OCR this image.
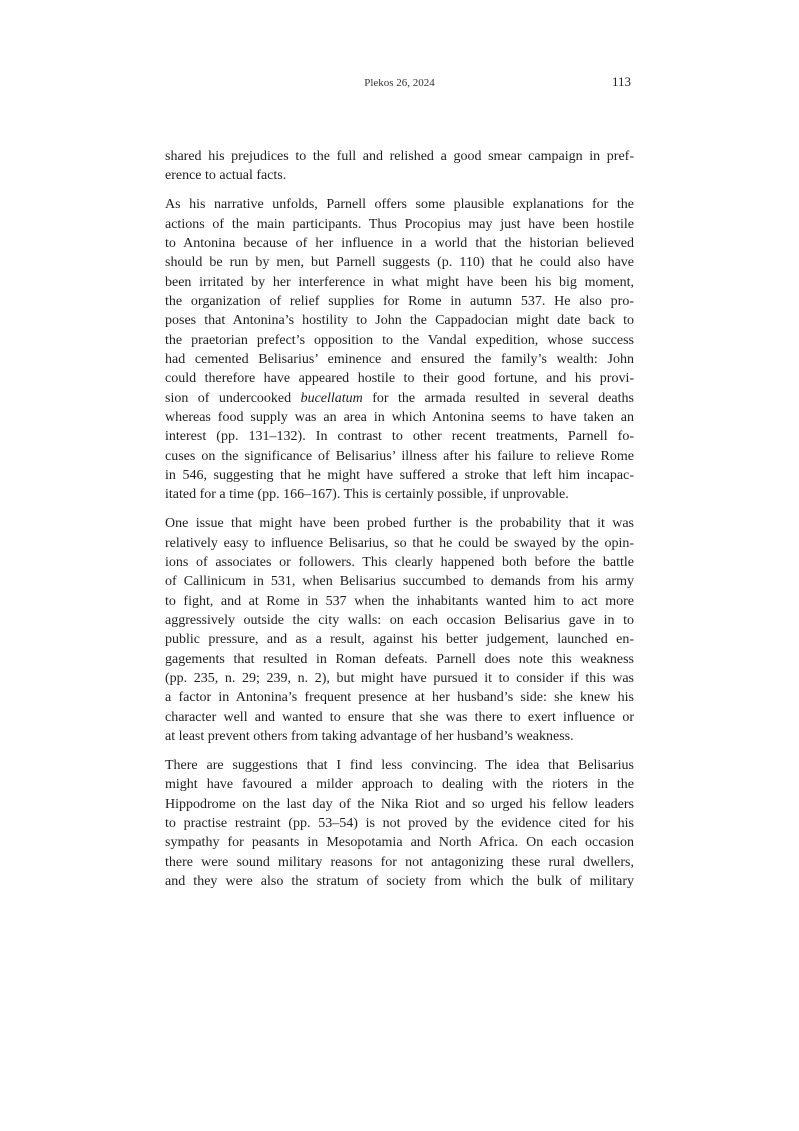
Plekos 26, 2024	113
shared his prejudices to the full and relished a good smear campaign in pref-
erence to actual facts.
As his narrative unfolds, Parnell offers some plausible explanations for the
actions of the main participants. Thus Procopius may just have been hostile
to Antonina because of her influence in a world that the historian believed
should be run by men, but Parnell suggests (p. 110) that he could also have
been irritated by her interference in what might have been his big moment,
the organization of relief supplies for Rome in autumn 537. He also pro-
poses that Antonina’s hostility to John the Cappadocian might date back to
the praetorian prefect’s opposition to the Vandal expedition, whose success
had cemented Belisarius’ eminence and ensured the family’s wealth: John
could therefore have appeared hostile to their good fortune, and his provi-
sion of undercooked bucellatum for the armada resulted in several deaths
whereas food supply was an area in which Antonina seems to have taken an
interest (pp. 131–132). In contrast to other recent treatments, Parnell fo-
cuses on the significance of Belisarius’ illness after his failure to relieve Rome
in 546, suggesting that he might have suffered a stroke that left him incapac-
itated for a time (pp. 166–167). This is certainly possible, if unprovable.
One issue that might have been probed further is the probability that it was
relatively easy to influence Belisarius, so that he could be swayed by the opin-
ions of associates or followers. This clearly happened both before the battle
of Callinicum in 531, when Belisarius succumbed to demands from his army
to fight, and at Rome in 537 when the inhabitants wanted him to act more
aggressively outside the city walls: on each occasion Belisarius gave in to
public pressure, and as a result, against his better judgement, launched en-
gagements that resulted in Roman defeats. Parnell does note this weakness
(pp. 235, n. 29; 239, n. 2), but might have pursued it to consider if this was
a factor in Antonina’s frequent presence at her husband’s side: she knew his
character well and wanted to ensure that she was there to exert influence or
at least prevent others from taking advantage of her husband’s weakness.
There are suggestions that I find less convincing. The idea that Belisarius
might have favoured a milder approach to dealing with the rioters in the
Hippodrome on the last day of the Nika Riot and so urged his fellow leaders
to practise restraint (pp. 53–54) is not proved by the evidence cited for his
sympathy for peasants in Mesopotamia and North Africa. On each occasion
there were sound military reasons for not antagonizing these rural dwellers,
and they were also the stratum of society from which the bulk of military
